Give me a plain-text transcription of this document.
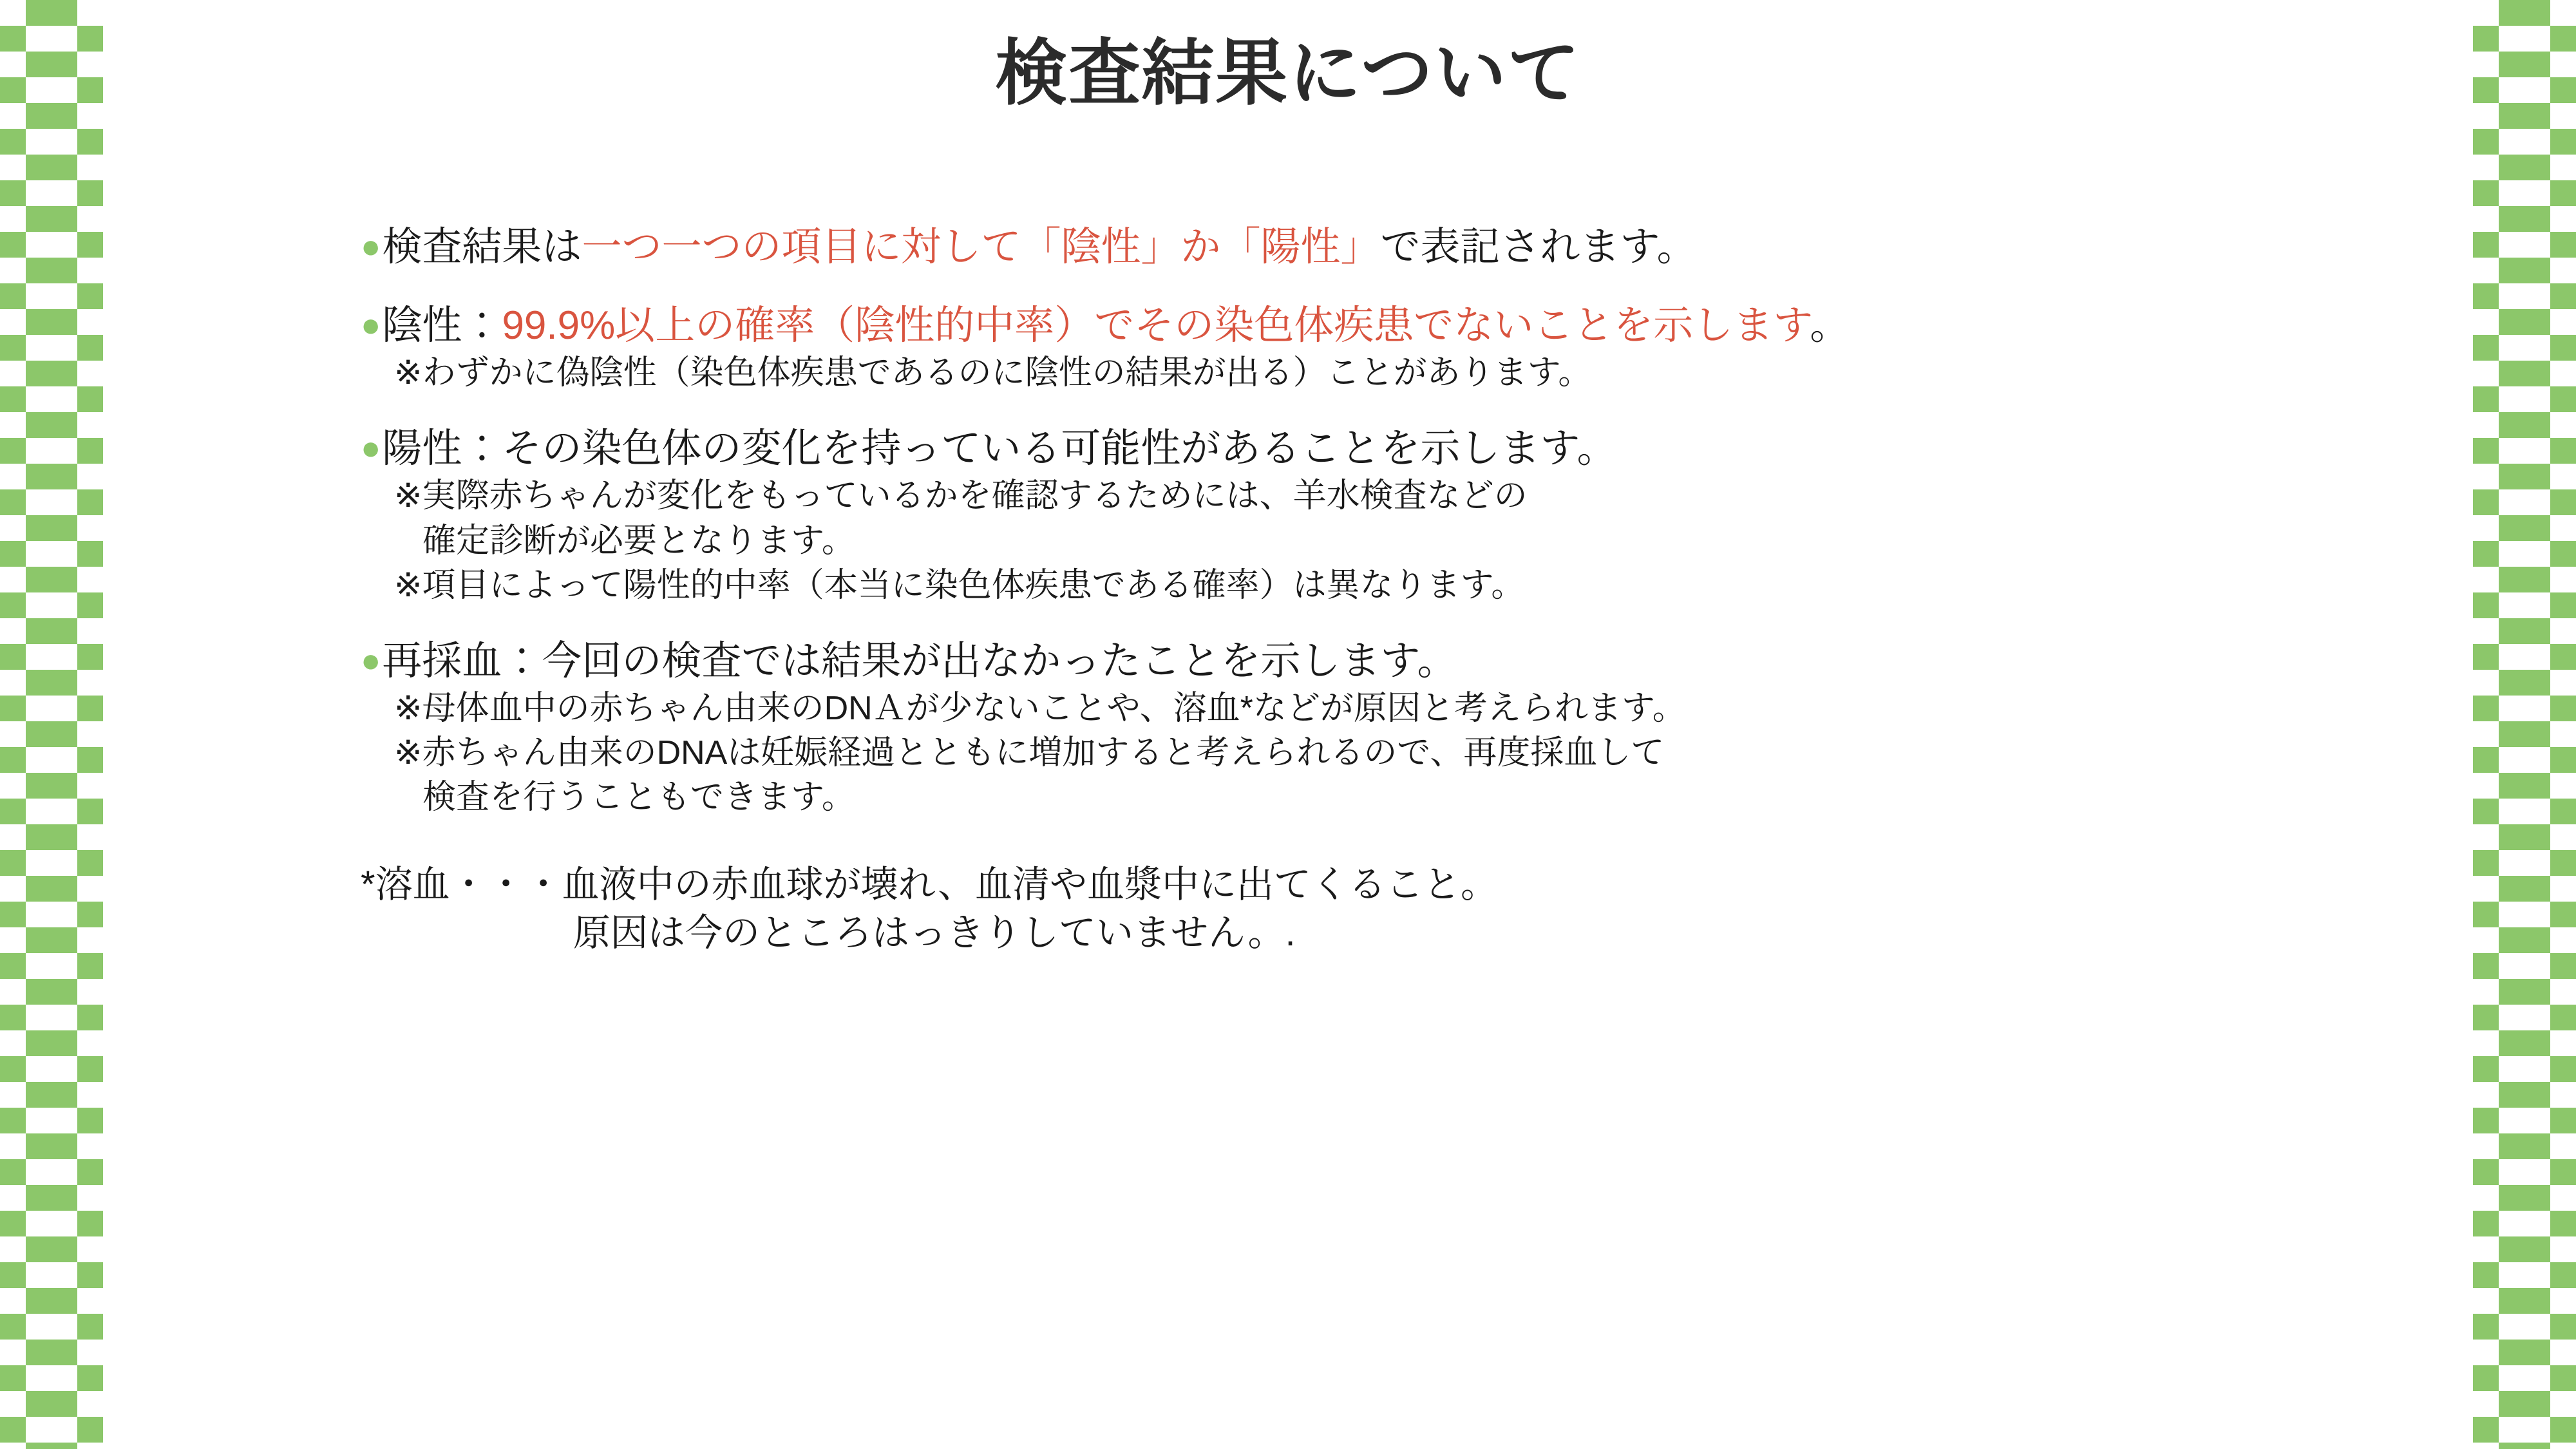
検査結果について
●検査結果は一つ一つの項目に対して「陰性」か「陽性」で表記されます。
●陰性：99.9%以上の確率（陰性的中率）でその染色体疾患でないことを示します。
※わずかに偽陰性（染色体疾患であるのに陰性の結果が出る）ことがあります。
●陽性：その染色体の変化を持っている可能性があることを示します。
※実際赤ちゃんが変化をもっているかを確認するためには、羊水検査などの
確定診断が必要となります。
※項目によって陽性的中率（本当に染色体疾患である確率）は異なります。
●再採血：今回の検査では結果が出なかったことを示します。
※母体血中の赤ちゃん由来のDNＡが少ないことや、溶血*などが原因と考えられます。
※赤ちゃん由来のDNAは妊娠経過とともに増加すると考えられるので、再度採血して
検査を行うこともできます。
*溶血・・・血液中の赤血球が壊れ、血清や血漿中に出てくること。
原因は今のところはっきりしていません。.
